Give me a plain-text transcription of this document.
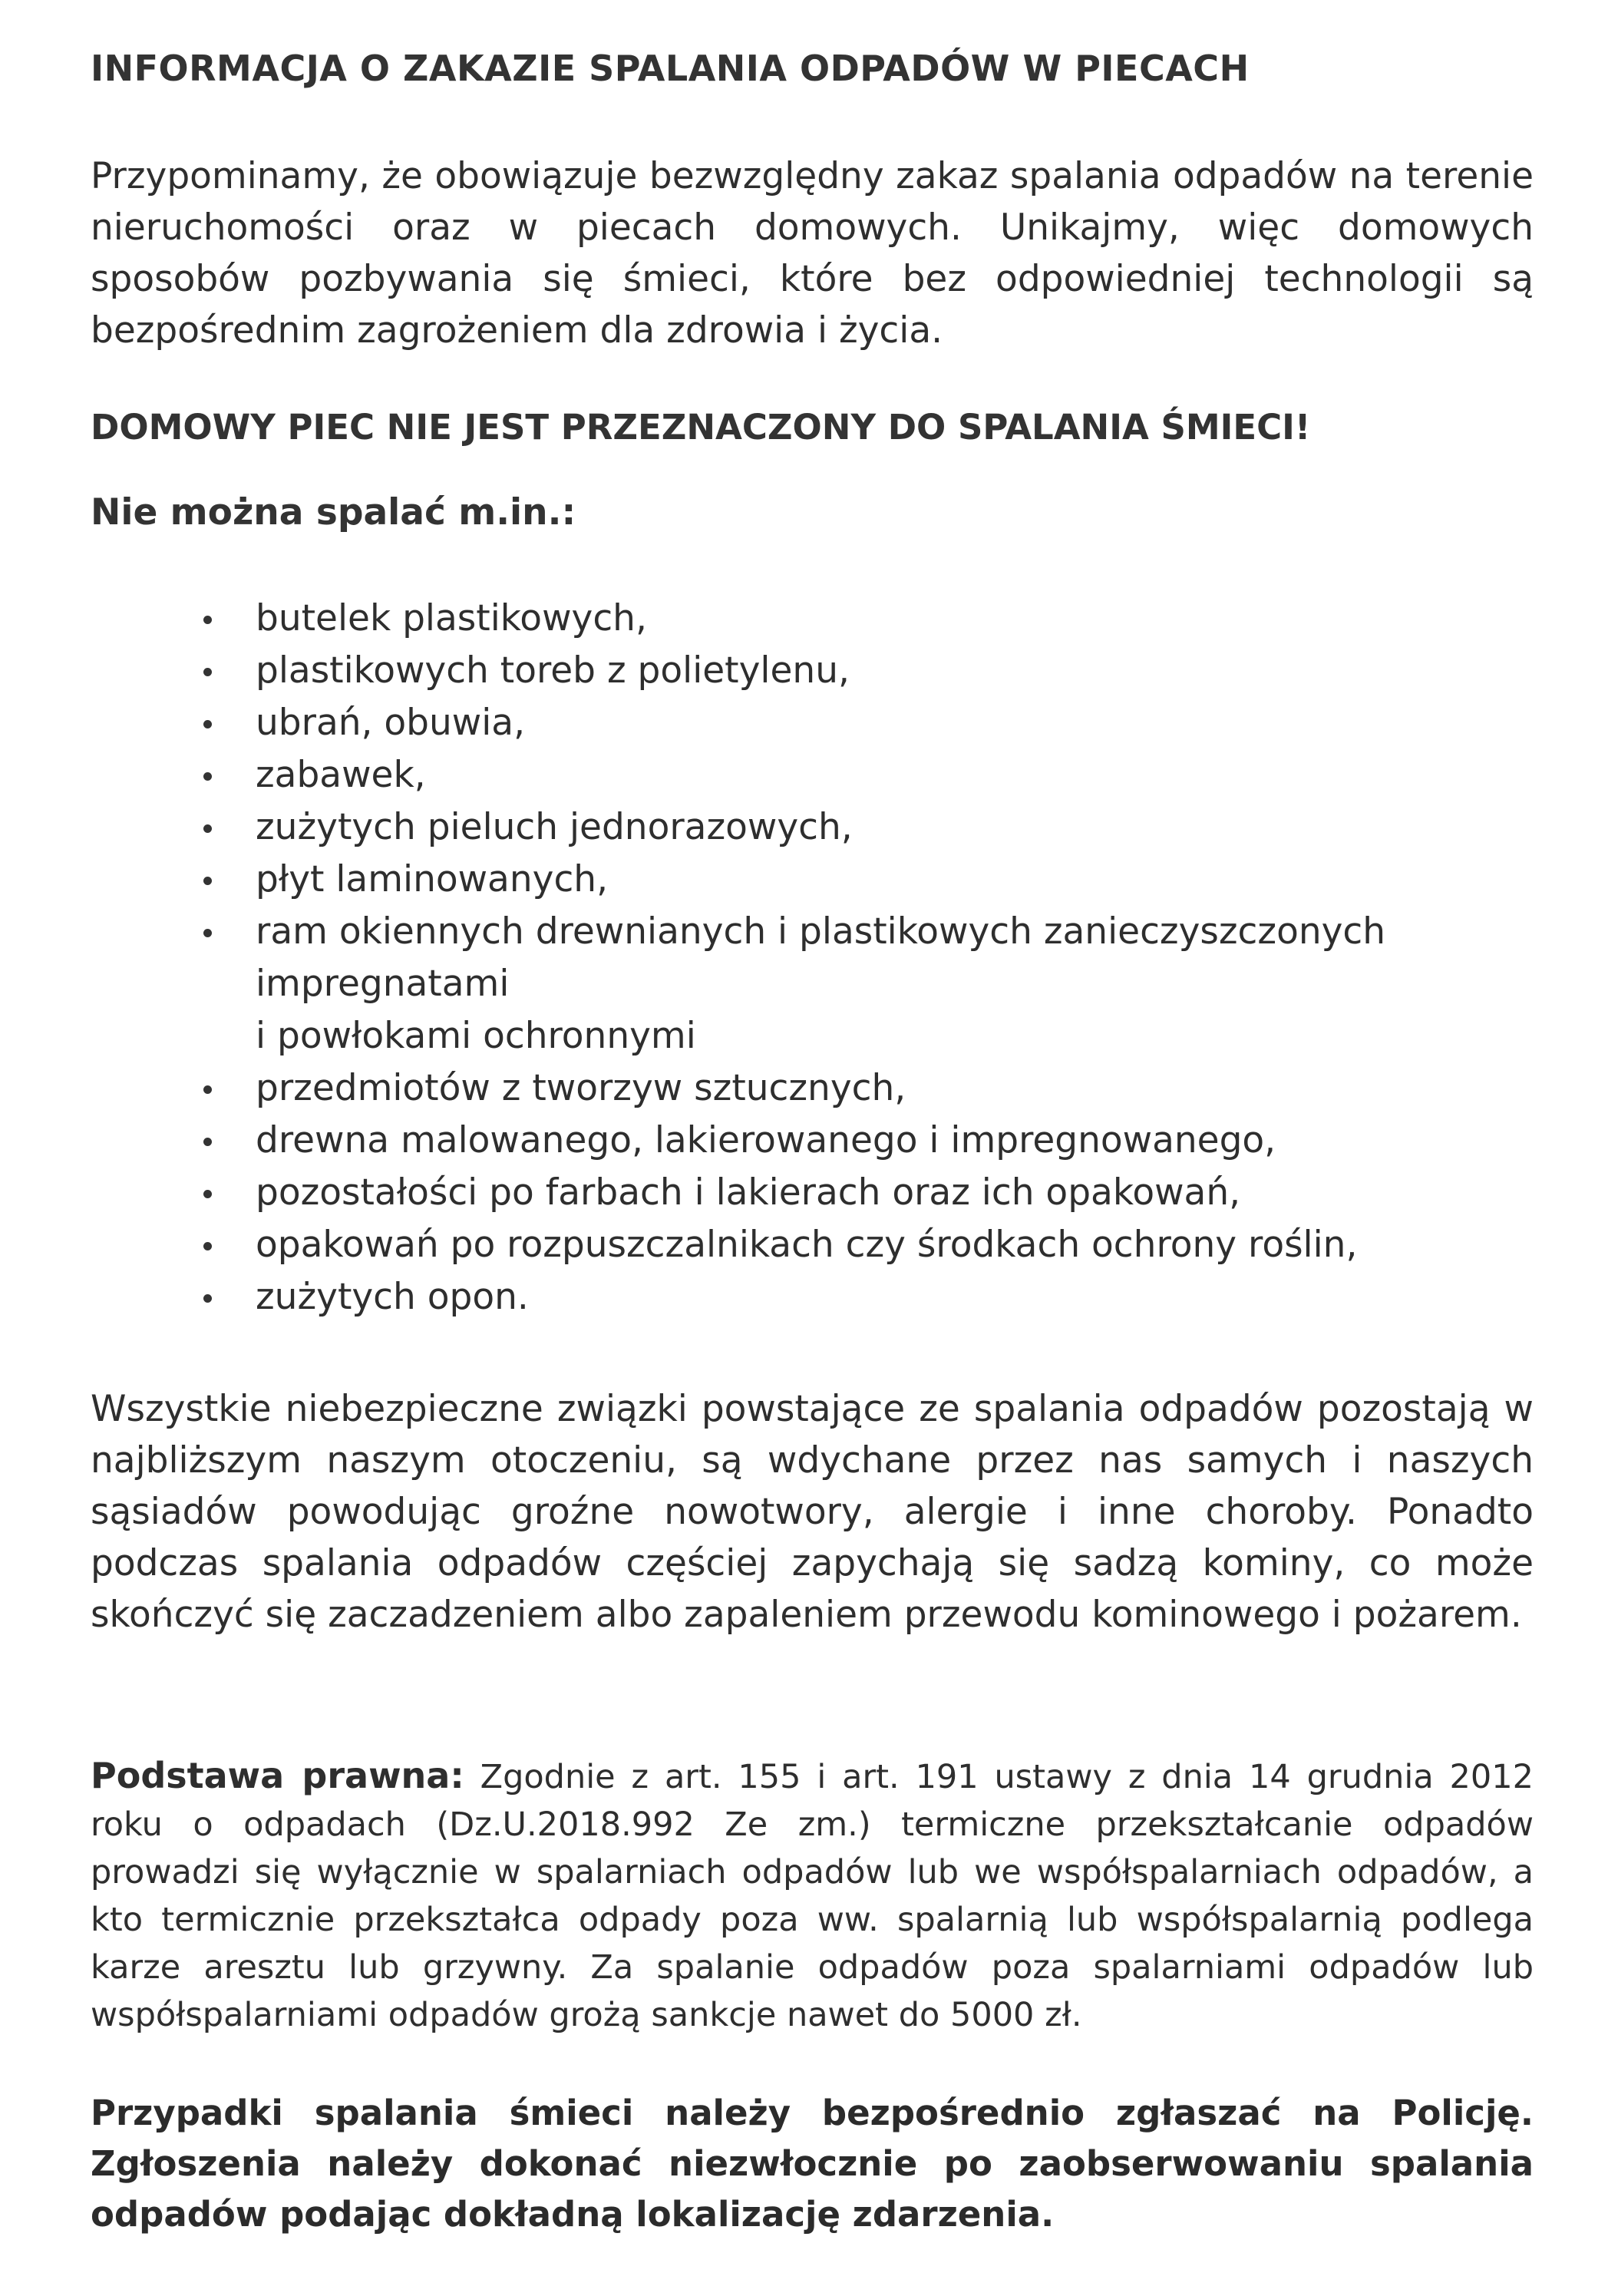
INFORMACJA O ZAKAZIE SPALANIA ODPADÓW W PIECACH
Przypominamy, że obowiązuje bezwzględny zakaz spalania odpadów na terenie nieruchomości oraz w piecach domowych. Unikajmy, więc domowych sposobów pozbywania się śmieci, które bez odpowiedniej technologii są bezpośrednim zagrożeniem dla zdrowia i życia.
DOMOWY PIEC NIE JEST PRZEZNACZONY DO SPALANIA ŚMIECI!
Nie można spalać m.in.:
butelek plastikowych,
plastikowych toreb z polietylenu,
ubrań, obuwia,
zabawek,
zużytych pieluch jednorazowych,
płyt laminowanych,
ram okiennych drewnianych i plastikowych zanieczyszczonych impregnatami
i powłokami ochronnymi
przedmiotów z tworzyw sztucznych,
drewna malowanego, lakierowanego i impregnowanego,
pozostałości po farbach i lakierach oraz ich opakowań,
opakowań po rozpuszczalnikach czy środkach ochrony roślin,
zużytych opon.
Wszystkie niebezpieczne związki powstające ze spalania odpadów pozostają w najbliższym naszym otoczeniu, są wdychane przez nas samych i naszych sąsiadów powodując groźne nowotwory, alergie i inne choroby. Ponadto podczas spalania odpadów częściej zapychają się sadzą kominy, co może skończyć się zaczadzeniem albo zapaleniem przewodu kominowego i pożarem.
Podstawa prawna: Zgodnie z art. 155 i art. 191 ustawy z dnia 14 grudnia 2012 roku o odpadach (Dz.U.2018.992 Ze zm.) termiczne przekształcanie odpadów prowadzi się wyłącznie w spalarniach odpadów lub we współspalarniach odpadów, a kto termicznie przekształca odpady poza ww. spalarnią lub współspalarnią podlega karze aresztu lub grzywny. Za spalanie odpadów poza spalarniami odpadów lub współspalarniami odpadów grożą sankcje nawet do 5000 zł.
Przypadki spalania śmieci należy bezpośrednio zgłaszać na Policję. Zgłoszenia należy dokonać niezwłocznie po zaobserwowaniu spalania odpadów podając dokładną lokalizację zdarzenia.
